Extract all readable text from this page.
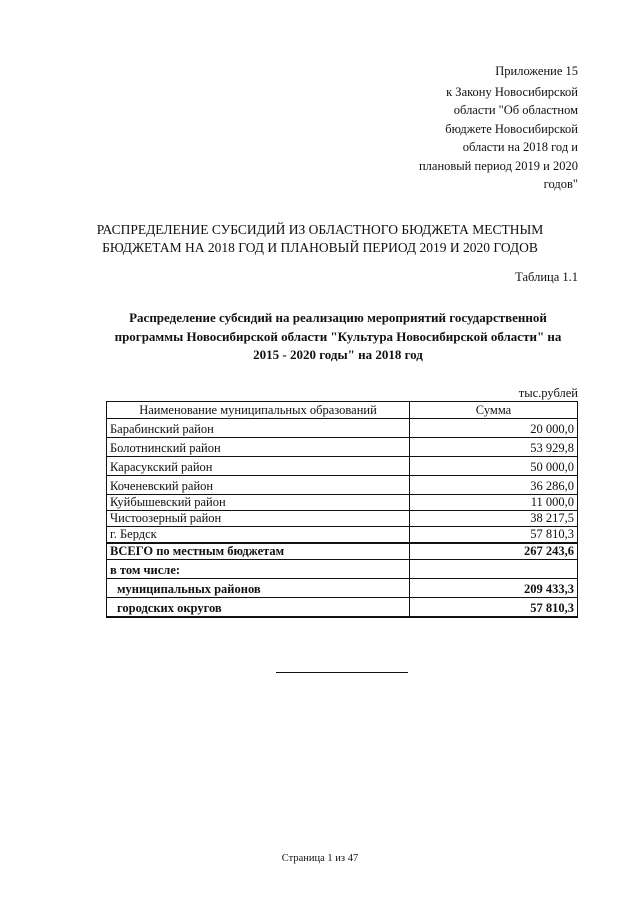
Приложение 15
к Закону Новосибирской
области "Об областном
бюджете Новосибирской
области на 2018 год и
плановый период 2019 и 2020
годов"
РАСПРЕДЕЛЕНИЕ СУБСИДИЙ ИЗ ОБЛАСТНОГО БЮДЖЕТА МЕСТНЫМ
БЮДЖЕТАМ НА 2018 ГОД И ПЛАНОВЫЙ ПЕРИОД 2019 И 2020 ГОДОВ
Таблица 1.1
Распределение субсидий на реализацию мероприятий государственной
программы Новосибирской области "Культура Новосибирской области" на
2015 - 2020 годы" на 2018 год
тыс.рублей
Наименование муниципальных образований	Сумма
Барабинский район	20 000,0
Болотнинский район	53 929,8
Карасукский район	50 000,0
Коченевский район	36 286,0
Куйбышевский район	11 000,0
Чистоозерный район	38 217,5
г. Бердск	57 810,3
ВСЕГО по местным бюджетам	267 243,6
в том числе:	
муниципальных районов	209 433,3
городских округов	57 810,3
Страница 1 из 47
